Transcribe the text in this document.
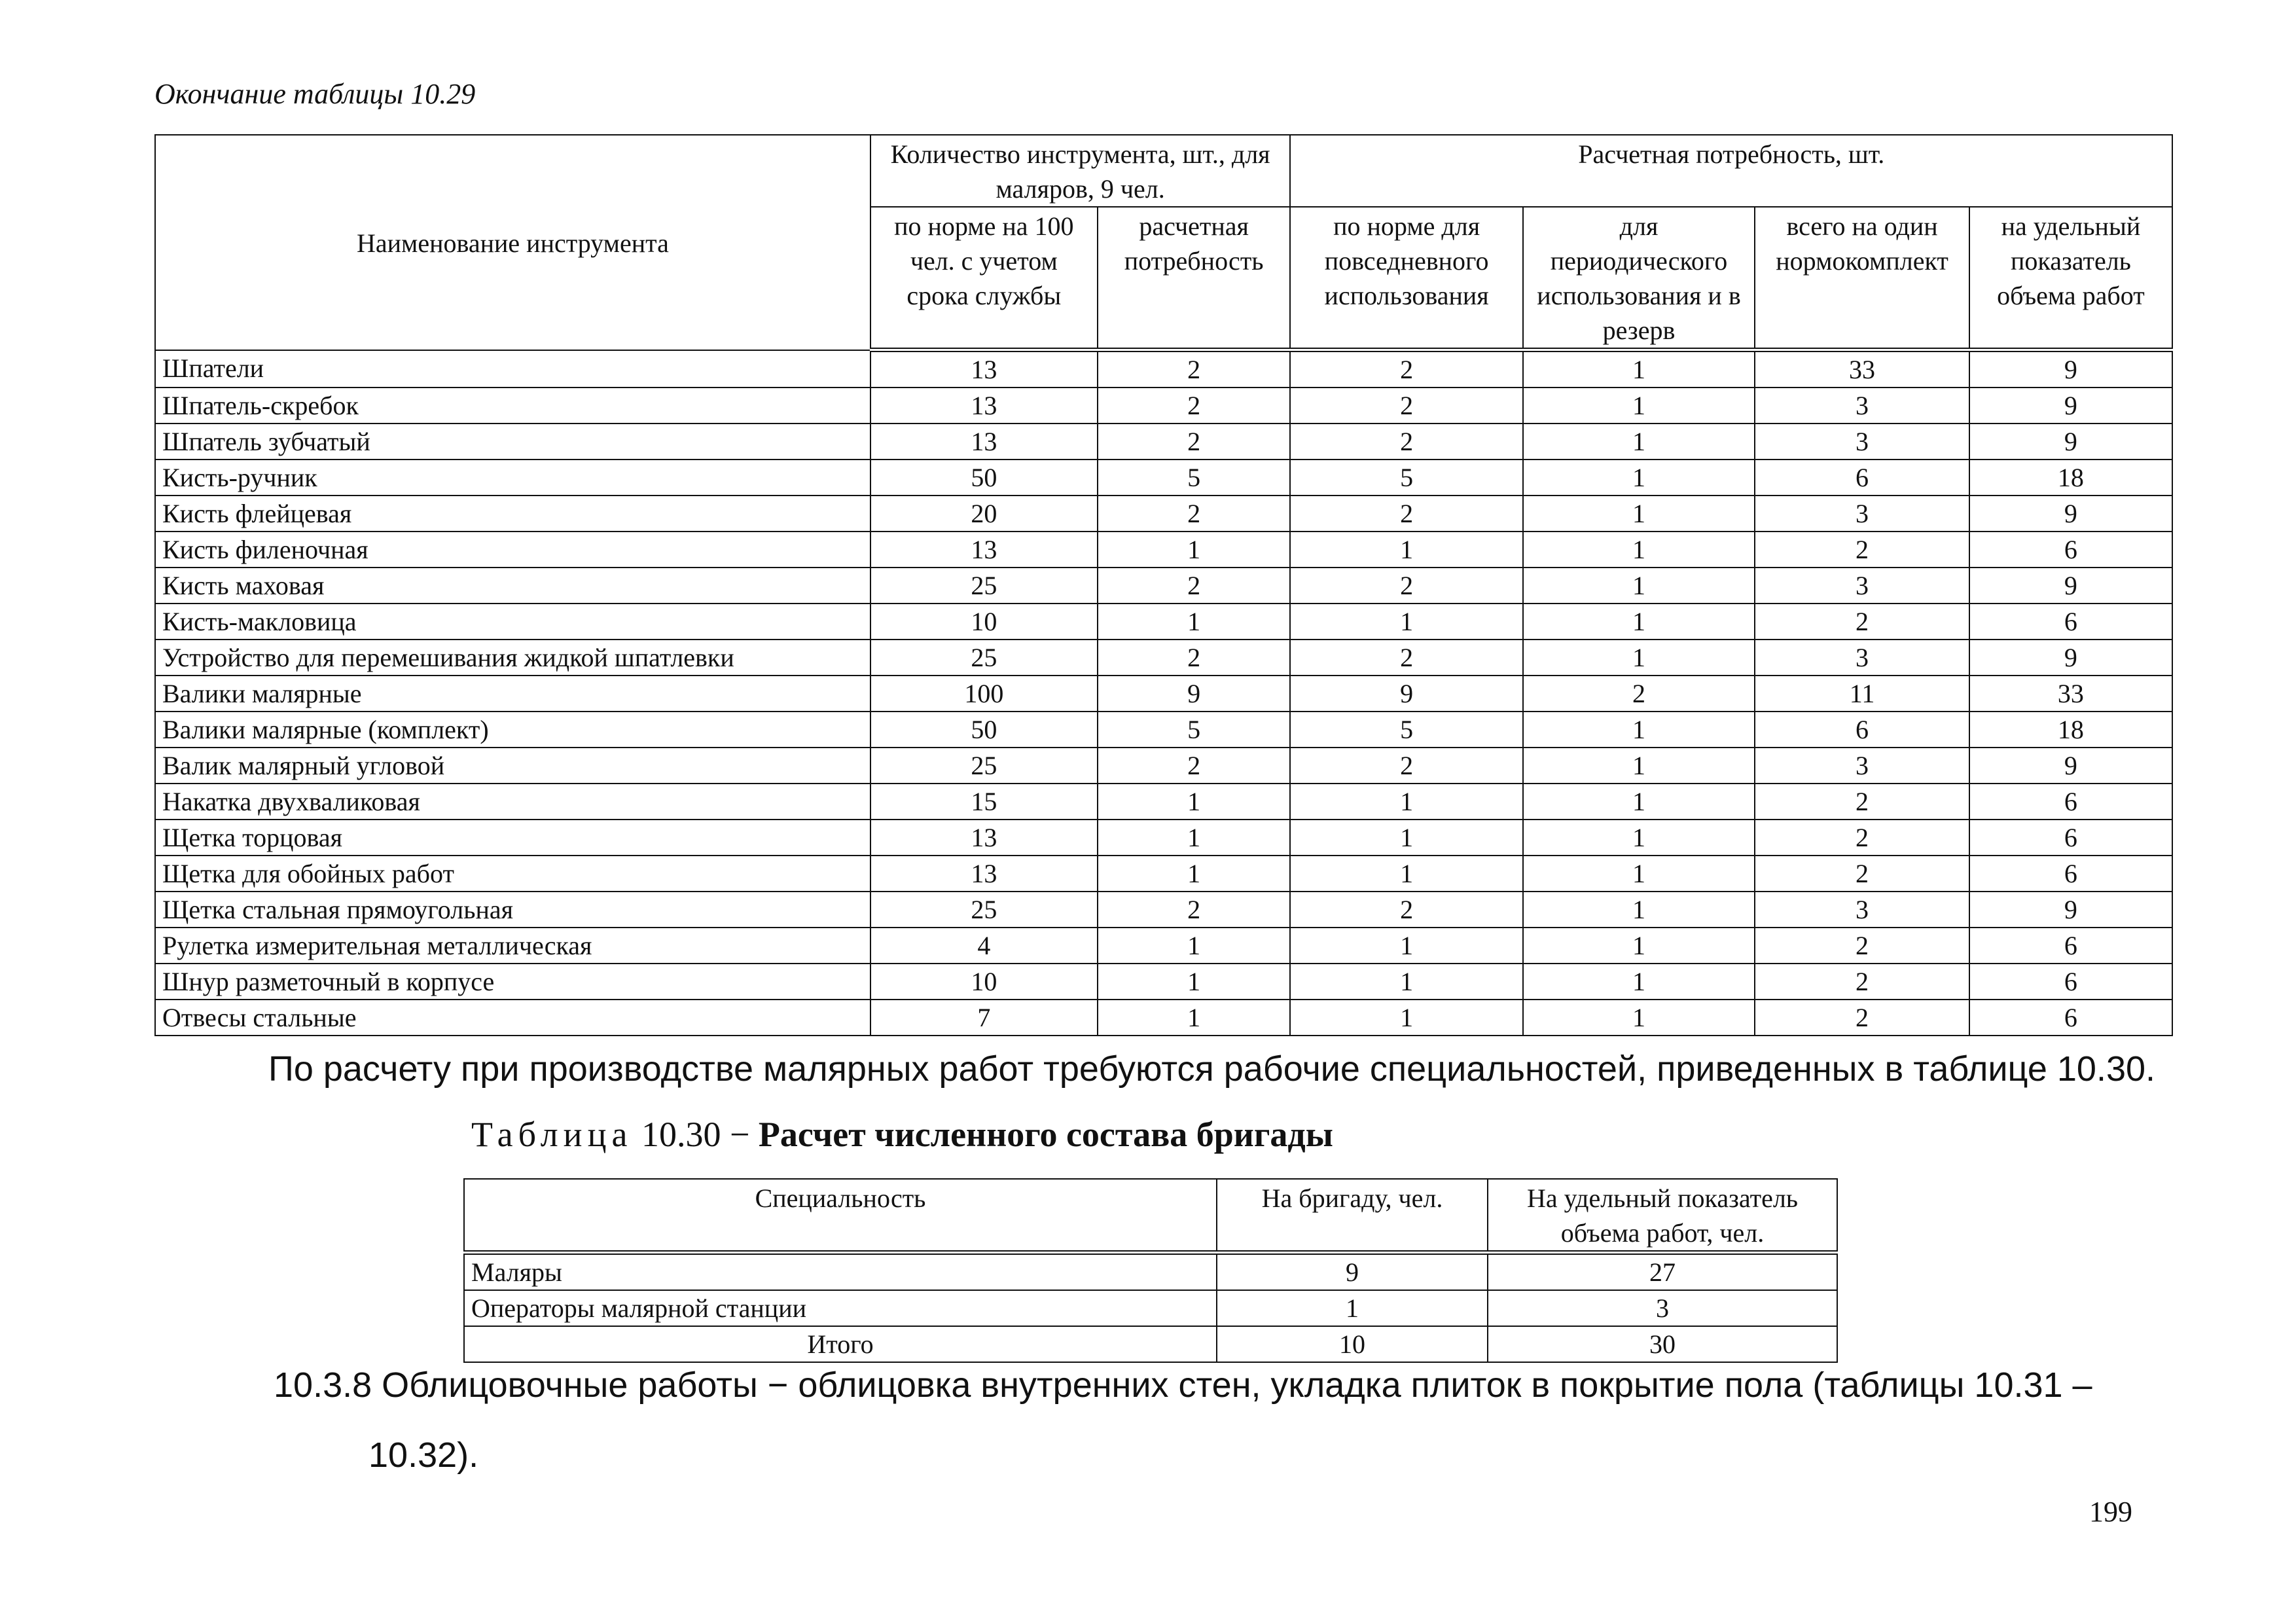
Окончание таблицы 10.29
Наименование инструмента	Количество инструмента, шт., для маляров, 9 чел.		Расчетная потребность, шт.			
	по норме на 100 чел. с учетом срока службы	расчетная потребность	по норме для повседневного использования	для периодического использования и в резерв	всего на один нормокомплект	на удельный показатель объема работ
Шпатели	13	2	2	1	33	9
Шпатель-скребок	13	2	2	1	3	9
Шпатель зубчатый	13	2	2	1	3	9
Кисть-ручник	50	5	5	1	6	18
Кисть флейцевая	20	2	2	1	3	9
Кисть филеночная	13	1	1	1	2	6
Кисть маховая	25	2	2	1	3	9
Кисть-макловица	10	1	1	1	2	6
Устройство для перемешивания жидкой шпатлевки	25	2	2	1	3	9
Валики малярные	100	9	9	2	11	33
Валики малярные (комплект)	50	5	5	1	6	18
Валик малярный угловой	25	2	2	1	3	9
Накатка двухваликовая	15	1	1	1	2	6
Щетка торцовая	13	1	1	1	2	6
Щетка для обойных работ	13	1	1	1	2	6
Щетка стальная прямоугольная	25	2	2	1	3	9
Рулетка измерительная металлическая	4	1	1	1	2	6
Шнур разметочный в корпусе	10	1	1	1	2	6
Отвесы стальные	7	1	1	1	2	6
По расчету при производстве малярных работ требуются рабочие специальностей, приведенных в таблице 10.30.
Таблица 10.30 − Расчет численного состава бригады
Специальность	На бригаду, чел.	На удельный показатель объема работ, чел.
Маляры	9	27
Операторы малярной станции	1	3
Итого	10	30
10.3.8 Облицовочные работы − облицовка внутренних стен, укладка плиток в покрытие пола (таблицы 10.31 –
10.32).
199
